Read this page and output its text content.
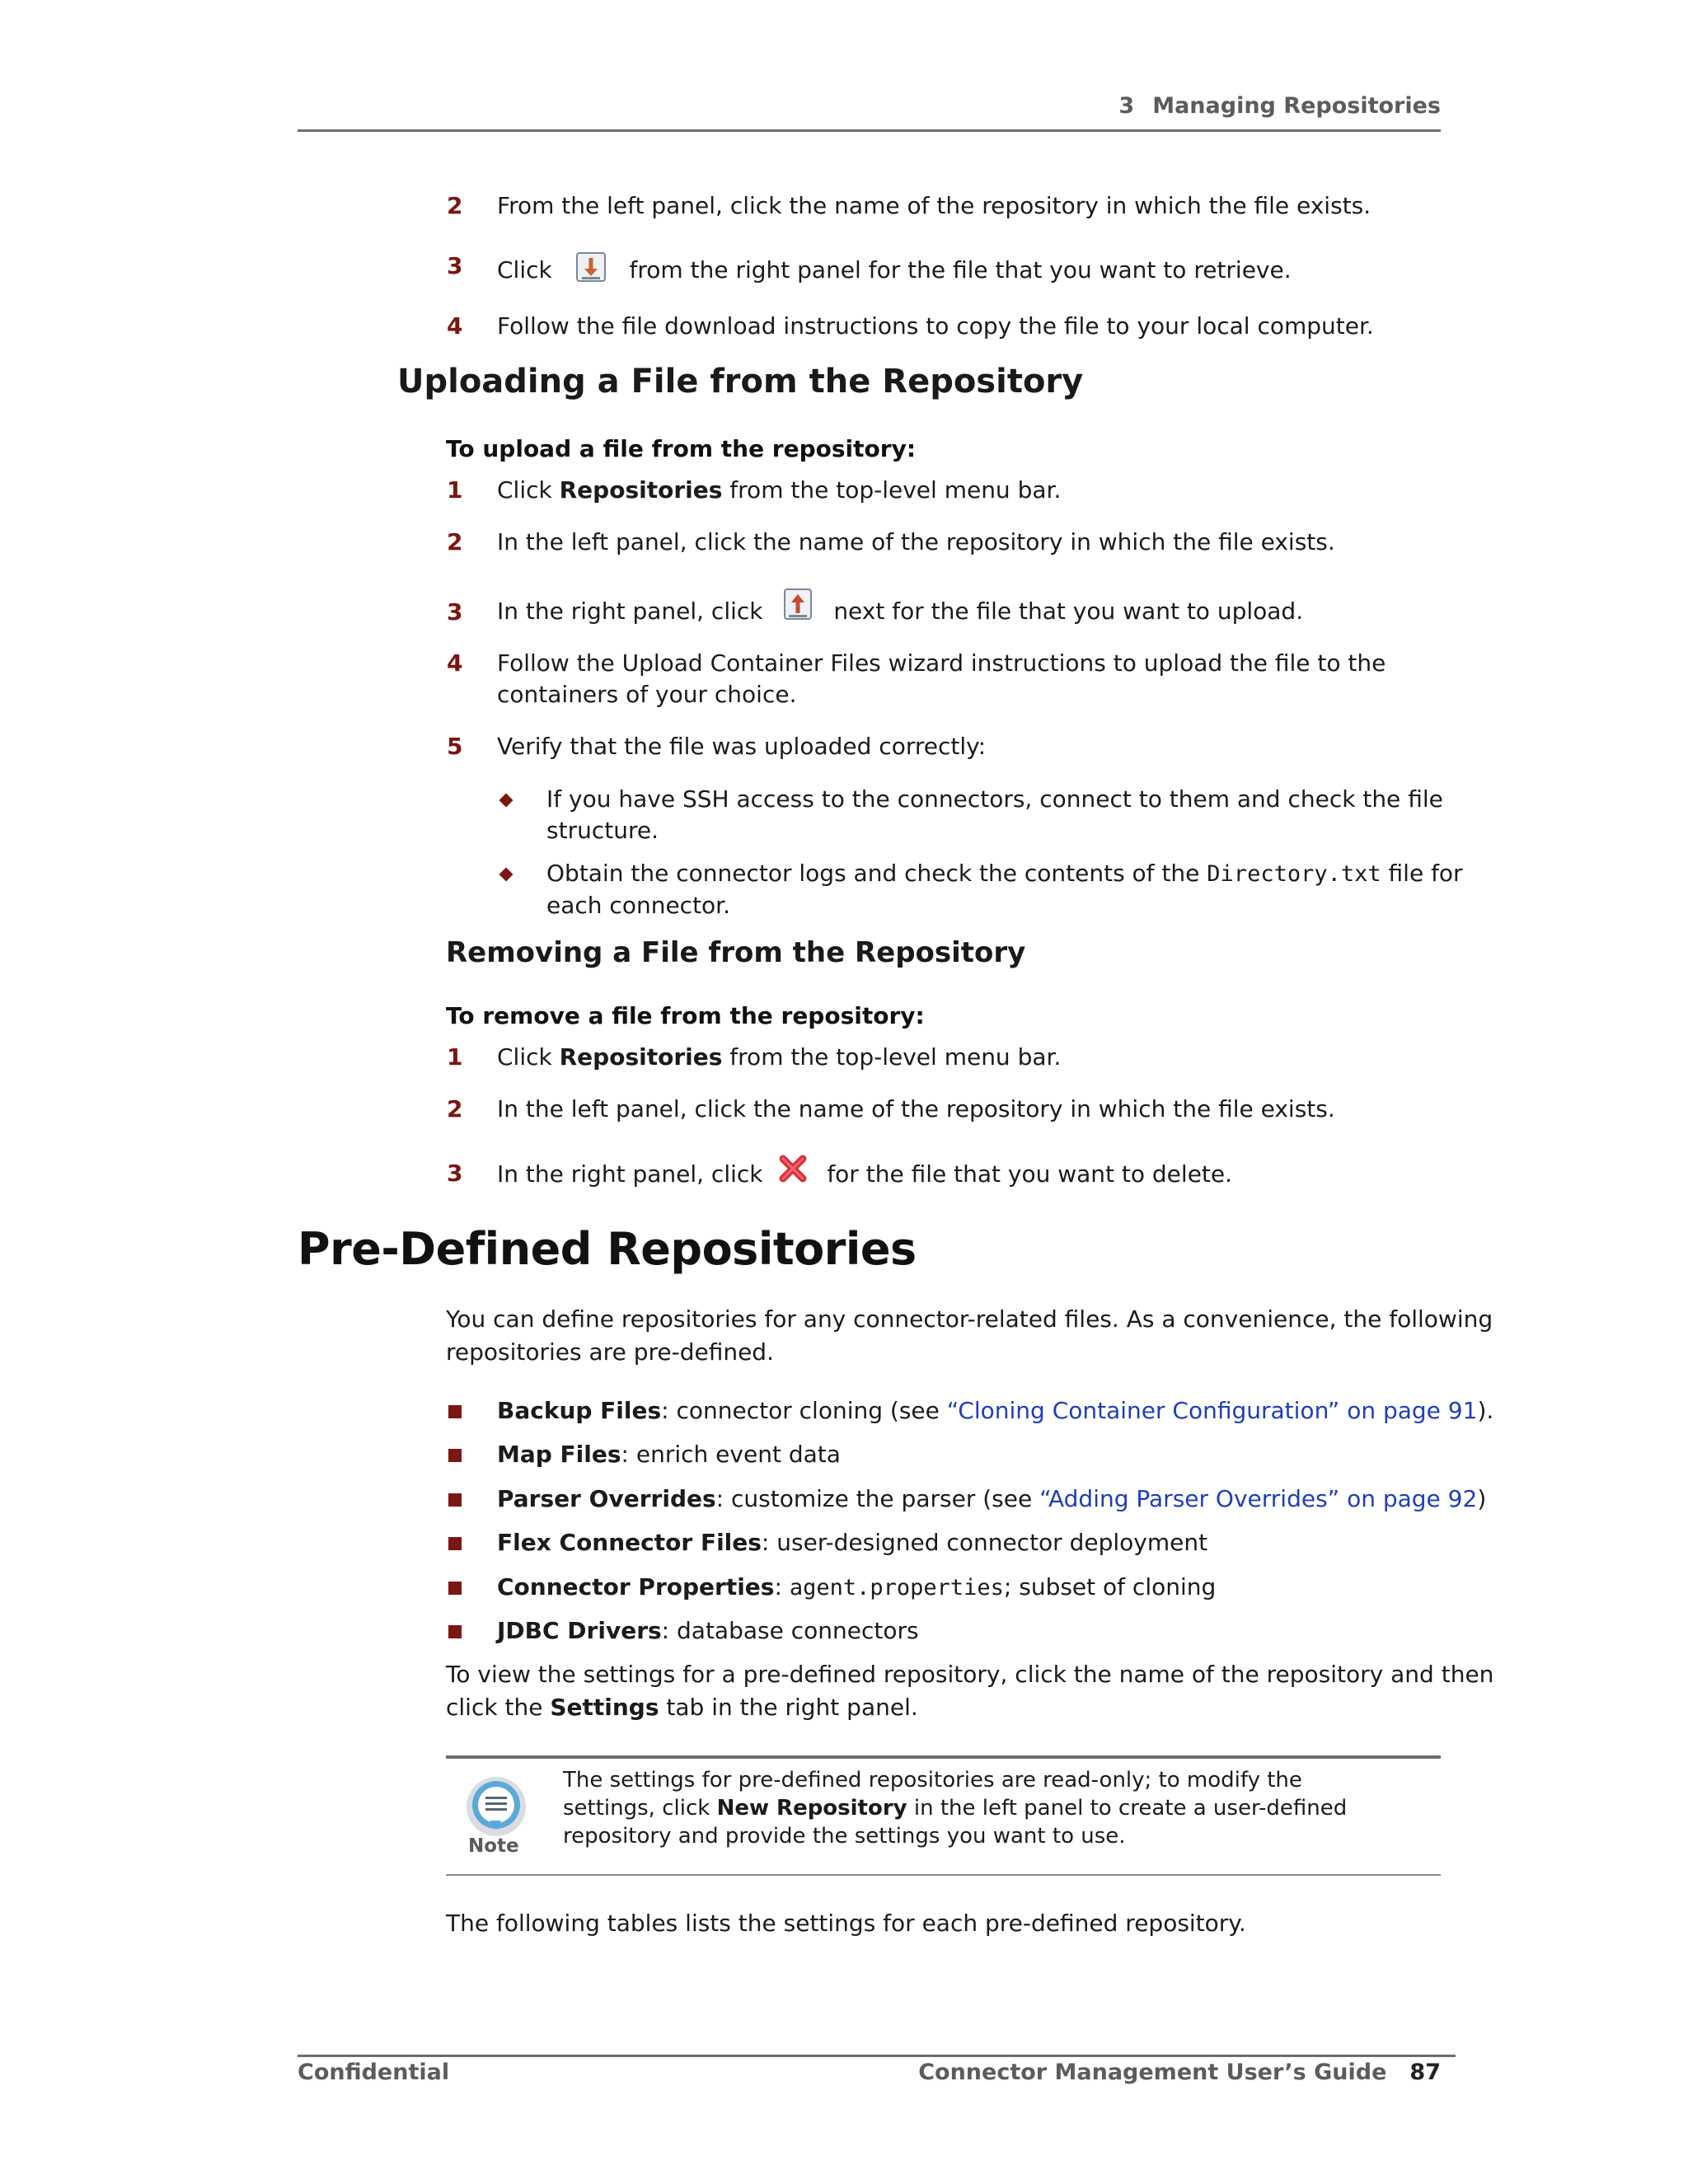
3 Managing Repositories
2	From the left panel, click the name of the repository in which the file exists.
3	Click	from the right panel for the file that you want to retrieve.
4	Follow the file download instructions to copy the file to your local computer.
Uploading a File from the Repository
To upload a file from the repository:
1	Click Repositories from the top-level menu bar.
2	In the left panel, click the name of the repository in which the file exists.
3	In the right panel, click	next for the file that you want to upload.
4	Follow the Upload Container Files wizard instructions to upload the file to the
containers of your choice.
5	Verify that the file was uploaded correctly:
If you have SSH access to the connectors, connect to them and check the file
structure.
Obtain the connector logs and check the contents of the Directory.txt file for
each connector.
Removing a File from the Repository
To remove a file from the repository:
1	Click Repositories from the top-level menu bar.
2	In the left panel, click the name of the repository in which the file exists.
3	In the right panel, click	for the file that you want to delete.
Pre-Defined Repositories
You can define repositories for any connector-related files. As a convenience, the following
repositories are pre-defined.
Backup Files: connector cloning (see “Cloning Container Configuration” on page 91).
Map Files: enrich event data
Parser Overrides: customize the parser (see “Adding Parser Overrides” on page 92)
Flex Connector Files: user-designed connector deployment
Connector Properties: agent.properties; subset of cloning
JDBC Drivers: database connectors
To view the settings for a pre-defined repository, click the name of the repository and then
click the Settings tab in the right panel.
Note
The settings for pre-defined repositories are read-only; to modify the
settings, click New Repository in the left panel to create a user-defined
repository and provide the settings you want to use.
The following tables lists the settings for each pre-defined repository.
Confidential	Connector Management User’s Guide 87
